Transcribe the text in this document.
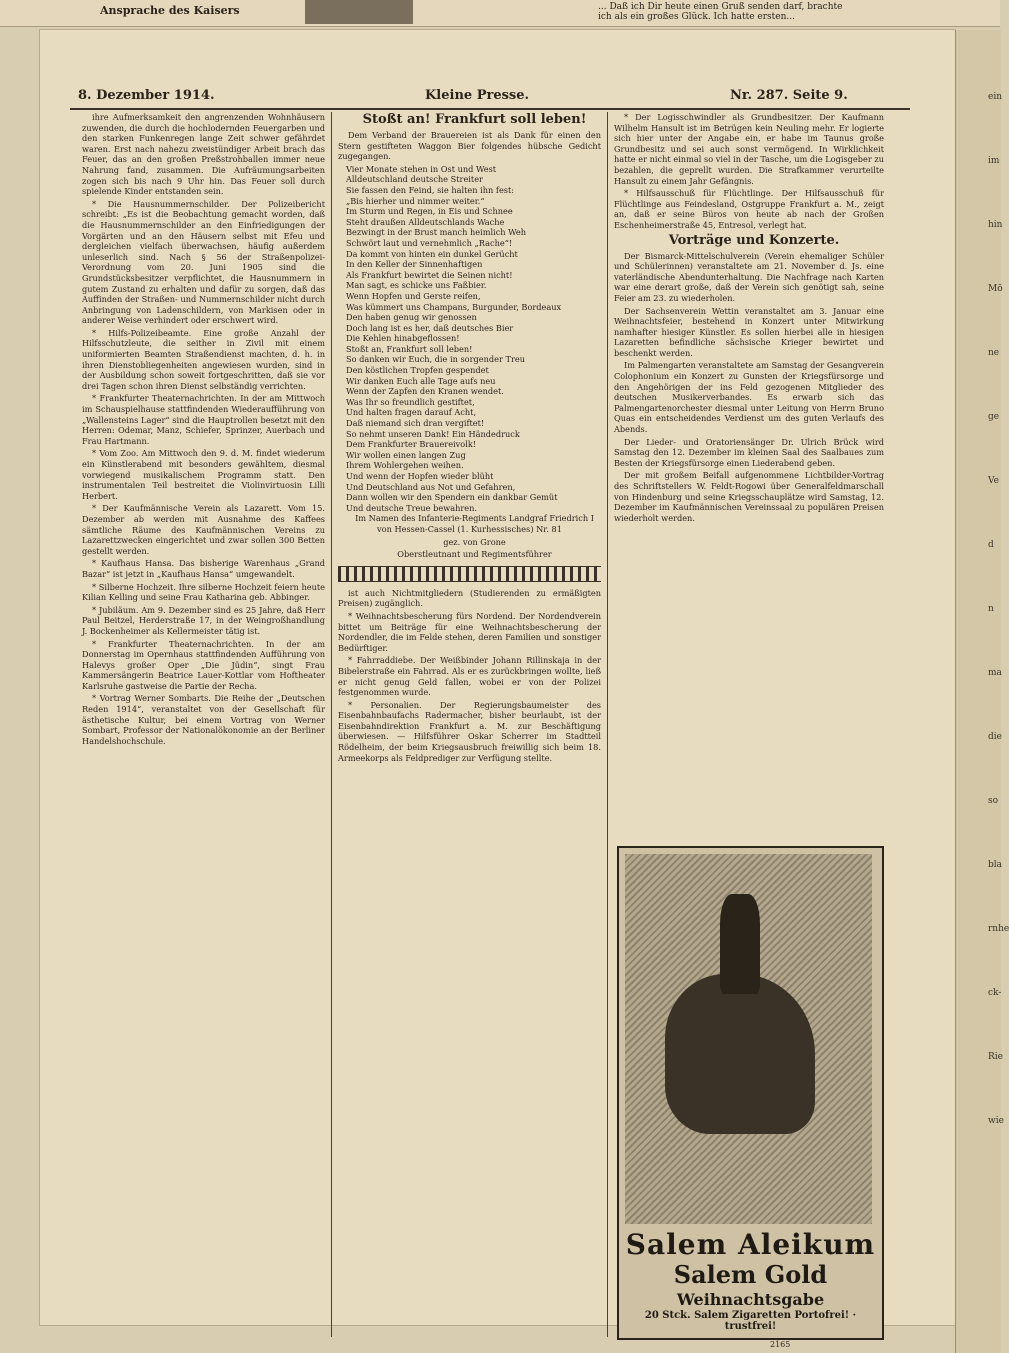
Ansprache des Kaisers	... Daß ich Dir heute einen Gruß senden darf, brachte ich als ein großes Glück. Ich hatte ersten...
ein
im
hin
Mö
ne
ge
Ve
d
n
ma
die
so
bla
rnhe
ck-
Rie
wie
8. Dezember 1914.	Kleine Presse.	Nr. 287. Seite 9.

ihre Aufmerksamkeit den angrenzenden Wohnhäusern zuwenden, die durch die hochlodernden Feuergarben und den starken Funkenregen lange Zeit schwer gefährdet waren. Erst nach nahezu zweistündiger Arbeit brach das Feuer, das an den großen Preßstrohballen immer neue Nahrung fand, zusammen. Die Aufräumungsarbeiten zogen sich bis nach 9 Uhr hin. Das Feuer soll durch spielende Kinder entstanden sein.

* Die Hausnummernschilder. Der Polizeibericht schreibt: „Es ist die Beobachtung gemacht worden, daß die Hausnummernschilder an den Einfriedigungen der Vorgärten und an den Häusern selbst mit Efeu und dergleichen vielfach überwachsen, häufig außerdem unleserlich sind. Nach § 56 der Straßenpolizei-Verordnung vom 20. Juni 1905 sind die Grundstücksbesitzer verpflichtet, die Hausnummern in gutem Zustand zu erhalten und dafür zu sorgen, daß das Auffinden der Straßen- und Nummernschilder nicht durch Anbringung von Ladenschildern, von Markisen oder in anderer Weise verhindert oder erschwert wird.

* Hilfs-Polizeibeamte. Eine große Anzahl der Hilfsschutzleute, die seither in Zivil mit einem uniformierten Beamten Straßendienst machten, d. h. in ihren Dienstobliegenheiten angewiesen wurden, sind in der Ausbildung schon soweit fortgeschritten, daß sie vor drei Tagen schon ihren Dienst selbständig verrichten.

* Frankfurter Theaternachrichten. In der am Mittwoch im Schauspielhause stattfindenden Wiederaufführung von „Wallensteins Lager“ sind die Hauptrollen besetzt mit den Herren: Odemar, Manz, Schiefer, Sprinzer, Auerbach und Frau Hartmann.

* Vom Zoo. Am Mittwoch den 9. d. M. findet wiederum ein Künstlerabend mit besonders gewähltem, diesmal vorwiegend musikalischem Programm statt. Den instrumentalen Teil bestreitet die Violinvirtuosin Lilli Herbert.

* Der Kaufmännische Verein als Lazarett. Vom 15. Dezember ab werden mit Ausnahme des Kaffees sämtliche Räume des Kaufmännischen Vereins zu Lazarettzwecken eingerichtet und zwar sollen 300 Betten gestellt werden.

* Kaufhaus Hansa. Das bisherige Warenhaus „Grand Bazar“ ist jetzt in „Kaufhaus Hansa“ umgewandelt.

* Silberne Hochzeit. Ihre silberne Hochzeit feiern heute Kilian Kelling und seine Frau Katharina geb. Abbinger.

* Jubiläum. Am 9. Dezember sind es 25 Jahre, daß Herr Paul Beitzel, Herderstraße 17, in der Weingroßhandlung J. Bockenheimer als Kellermeister tätig ist.

* Frankfurter Theaternachrichten. In der am Donnerstag im Opernhaus stattfindenden Aufführung von Halevys großer Oper „Die Jüdin“, singt Frau Kammersängerin Beatrice Lauer-Kottlar vom Hoftheater Karlsruhe gastweise die Partie der Recha.

* Vortrag Werner Sombarts. Die Reihe der „Deutschen Reden 1914“, veranstaltet von der Gesellschaft für ästhetische Kultur, bei einem Vortrag von Werner Sombart, Professor der Nationalökonomie an der Berliner Handelshochschule.

Stoßt an! Frankfurt soll leben!

Dem Verband der Brauereien ist als Dank für einen den Stern gestifteten Waggon Bier folgendes hübsche Gedicht zugegangen.

Vier Monate stehen in Ost und West
Alldeutschland deutsche Streiter
Sie fassen den Feind, sie halten ihn fest:
„Bis hierher und nimmer weiter.“
Im Sturm und Regen, in Eis und Schnee
Steht draußen Alldeutschlands Wache
Bezwingt in der Brust manch heimlich Weh
Schwört laut und vernehmlich „Rache“!
Da kommt von hinten ein dunkel Gerücht
In den Keller der Sinnenhaftigen
Als Frankfurt bewirtet die Seinen nicht!
Man sagt, es schicke uns Faßbier.
Wenn Hopfen und Gerste reifen,
Was kümmert uns Champans, Burgunder, Bordeaux
Den haben genug wir genossen
Doch lang ist es her, daß deutsches Bier
Die Kehlen hinabgeflossen!
Stoßt an, Frankfurt soll leben!
So danken wir Euch, die in sorgender Treu
Den köstlichen Tropfen gespendet
Wir danken Euch alle Tage aufs neu
Wenn der Zapfen den Kranen wendet.
Was Ihr so freundlich gestiftet,
Und halten fragen darauf Acht,
Daß niemand sich dran vergiftet!
So nehmt unseren Dank! Ein Händedruck
Dem Frankfurter Brauereivolk!
Wir wollen einen langen Zug
Ihrem Wohlergehen weihen.
Und wenn der Hopfen wieder blüht
Und Deutschland aus Not und Gefahren,
Dann wollen wir den Spendern ein dankbar Gemüt
Und deutsche Treue bewahren.

Im Namen des Infanterie-Regiments Landgraf Friedrich I von Hessen-Cassel (1. Kurhessisches) Nr. 81

gez. von Grone

Oberstleutnant und Regimentsführer

ist auch Nichtmitgliedern (Studierenden zu ermäßigten Preisen) zugänglich.

* Weihnachtsbescherung fürs Nordend. Der Nordendverein bittet um Beiträge für eine Weihnachtsbescherung der Nordendler, die im Felde stehen, deren Familien und sonstiger Bedürftiger.

* Fahrraddiebe. Der Weißbinder Johann Rillinskaja in der Bibelerstraße ein Fahrrad. Als er es zurückbringen wollte, ließ er nicht genug Geld fallen, wobei er von der Polizei festgenommen wurde.

* Personalien. Der Regierungsbaumeister des Eisenbahnbaufachs Radermacher, bisher beurlaubt, ist der Eisenbahndirektion Frankfurt a. M. zur Beschäftigung überwiesen. — Hilfsführer Oskar Scherrer im Stadtteil Rödelheim, der beim Kriegsausbruch freiwillig sich beim 18. Armeekorps als Feldprediger zur Verfügung stellte.

* Der Logisschwindler als Grundbesitzer. Der Kaufmann Wilhelm Hansult ist im Betrügen kein Neuling mehr. Er logierte sich hier unter der Angabe ein, er habe im Taunus große Grundbesitz und sei auch sonst vermögend. In Wirklichkeit hatte er nicht einmal so viel in der Tasche, um die Logisgeber zu bezahlen, die geprellt wurden. Die Strafkammer verurteilte Hansult zu einem Jahr Gefängnis.

* Hilfsausschuß für Flüchtlinge. Der Hilfsausschuß für Flüchtlinge aus Feindesland, Ostgruppe Frankfurt a. M., zeigt an, daß er seine Büros von heute ab nach der Großen Eschenheimerstraße 45, Entresol, verlegt hat.

Vorträge und Konzerte.

Der Bismarck-Mittelschulverein (Verein ehemaliger Schüler und Schülerinnen) veranstaltete am 21. November d. Js. eine vaterländische Abendunterhaltung. Die Nachfrage nach Karten war eine derart große, daß der Verein sich genötigt sah, seine Feier am 23. zu wiederholen.

Der Sachsenverein Wettin veranstaltet am 3. Januar eine Weihnachtsfeier, bestehend in Konzert unter Mitwirkung namhafter hiesiger Künstler. Es sollen hierbei alle in hiesigen Lazaretten befindliche sächsische Krieger bewirtet und beschenkt werden.

Im Palmengarten veranstaltete am Samstag der Gesangverein Colophonium ein Konzert zu Gunsten der Kriegsfürsorge und den Angehörigen der ins Feld gezogenen Mitglieder des deutschen Musikerverbandes. Es erwarb sich das Palmengartenorchester diesmal unter Leitung von Herrn Bruno Quas ein entscheidendes Verdienst um des guten Verlaufs des Abends.

Der Lieder- und Oratoriensänger Dr. Ulrich Brück wird Samstag den 12. Dezember im kleinen Saal des Saalbaues zum Besten der Kriegsfürsorge einen Liederabend geben.

Der mit großem Beifall aufgenommene Lichtbilder-Vortrag des Schriftstellers W. Feldt-Rogowi über Generalfeldmarschall von Hindenburg und seine Kriegsschauplätze wird Samstag, 12. Dezember im Kaufmännischen Vereinssaal zu populären Preisen wiederholt werden.

Salem Aleikum
Salem Gold
Weihnachtsgabe
20 Stck. Salem Zigaretten Portofrei! · trustfrei!
2165
